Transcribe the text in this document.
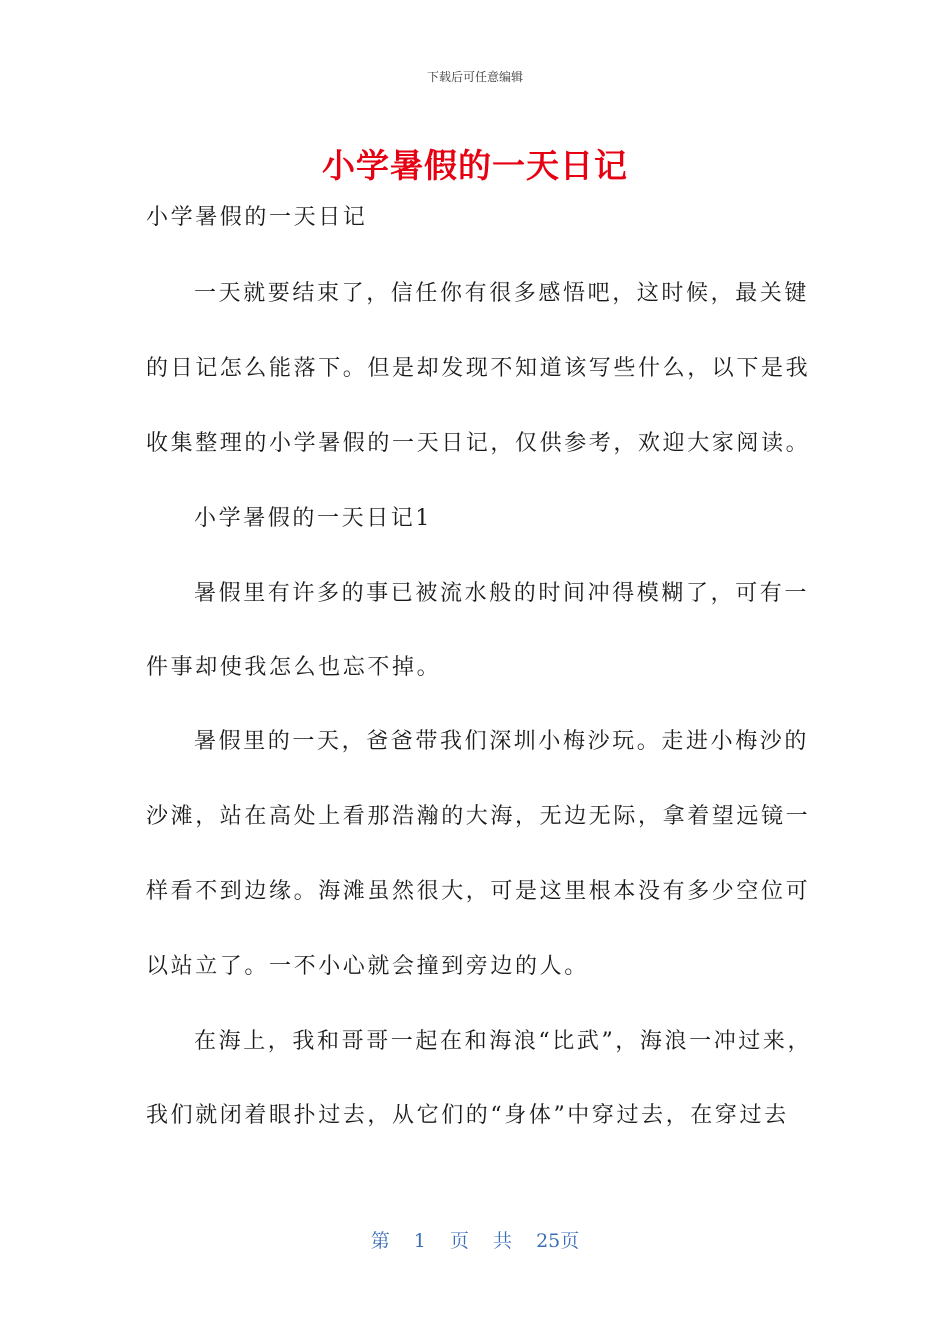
下载后可任意编辑
小学暑假的一天日记
小学暑假的一天日记
一天就要结束了，信任你有很多感悟吧，这时候，最关键
的日记怎么能落下。但是却发现不知道该写些什么，以下是我
收集整理的小学暑假的一天日记，仅供参考，欢迎大家阅读。
小学暑假的一天日记1
暑假里有许多的事已被流水般的时间冲得模糊了，可有一
件事却使我怎么也忘不掉。
暑假里的一天，爸爸带我们深圳小梅沙玩。走进小梅沙的
沙滩，站在高处上看那浩瀚的大海，无边无际，拿着望远镜一
样看不到边缘。海滩虽然很大，可是这里根本没有多少空位可
以站立了。一不小心就会撞到旁边的人。
在海上，我和哥哥一起在和海浪“比武”，海浪一冲过来，
我们就闭着眼扑过去，从它们的“身体”中穿过去，在穿过去
第 1 页 共 25页
